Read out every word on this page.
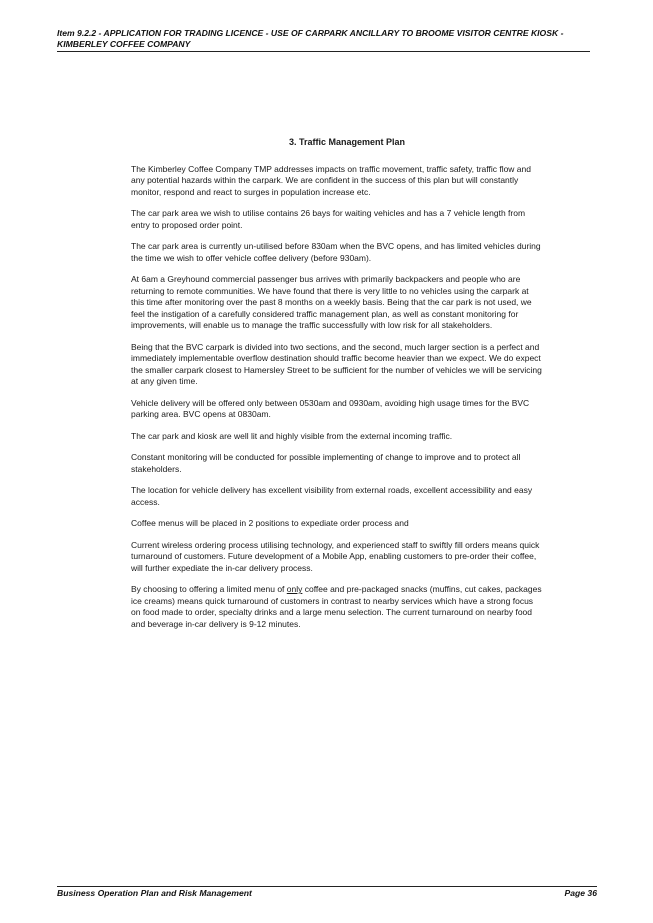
Item 9.2.2 - APPLICATION FOR TRADING LICENCE - USE OF CARPARK ANCILLARY TO BROOME VISITOR CENTRE KIOSK -
KIMBERLEY COFFEE COMPANY
3. Traffic Management Plan

The Kimberley Coffee Company TMP addresses impacts on traffic movement, traffic safety, traffic flow and any potential hazards within the carpark. We are confident in the success of this plan but will constantly monitor, respond and react to surges in population increase etc.

The car park area we wish to utilise contains 26 bays for waiting vehicles and has a 7 vehicle length from entry to proposed order point.

The car park area is currently un-utilised before 830am when the BVC opens, and has limited vehicles during the time we wish to offer vehicle coffee delivery (before 930am).

At 6am a Greyhound commercial passenger bus arrives with primarily backpackers and people who are returning to remote communities. We have found that there is very little to no vehicles using the carpark at this time after monitoring over the past 8 months on a weekly basis. Being that the car park is not used, we feel the instigation of a carefully considered traffic management plan, as well as constant monitoring for improvements, will enable us to manage the traffic successfully with low risk for all stakeholders.

Being that the BVC carpark is divided into two sections, and the second, much larger section is a perfect and immediately implementable overflow destination should traffic become heavier than we expect. We do expect the smaller carpark closest to Hamersley Street to be sufficient for the number of vehicles we will be servicing at any given time.

Vehicle delivery will be offered only between 0530am and 0930am, avoiding high usage times for the BVC parking area. BVC opens at 0830am.

The car park and kiosk are well lit and highly visible from the external incoming traffic.

Constant monitoring will be conducted for possible implementing of change to improve and to protect all stakeholders.

The location for vehicle delivery has excellent visibility from external roads, excellent accessibility and easy access.

Coffee menus will be placed in 2 positions to expediate order process and

Current wireless ordering process utilising technology, and experienced staff to swiftly fill orders means quick turnaround of customers. Future development of a Mobile App, enabling customers to pre-order their coffee, will further expediate the in-car delivery process.

By choosing to offering a limited menu of only coffee and pre-packaged snacks (muffins, cut cakes, packages ice creams) means quick turnaround of customers in contrast to nearby services which have a strong focus on food made to order, specialty drinks and a large menu selection. The current turnaround on nearby food and beverage in-car delivery is 9-12 minutes.

Business Operation Plan and Risk Management	Page 36
